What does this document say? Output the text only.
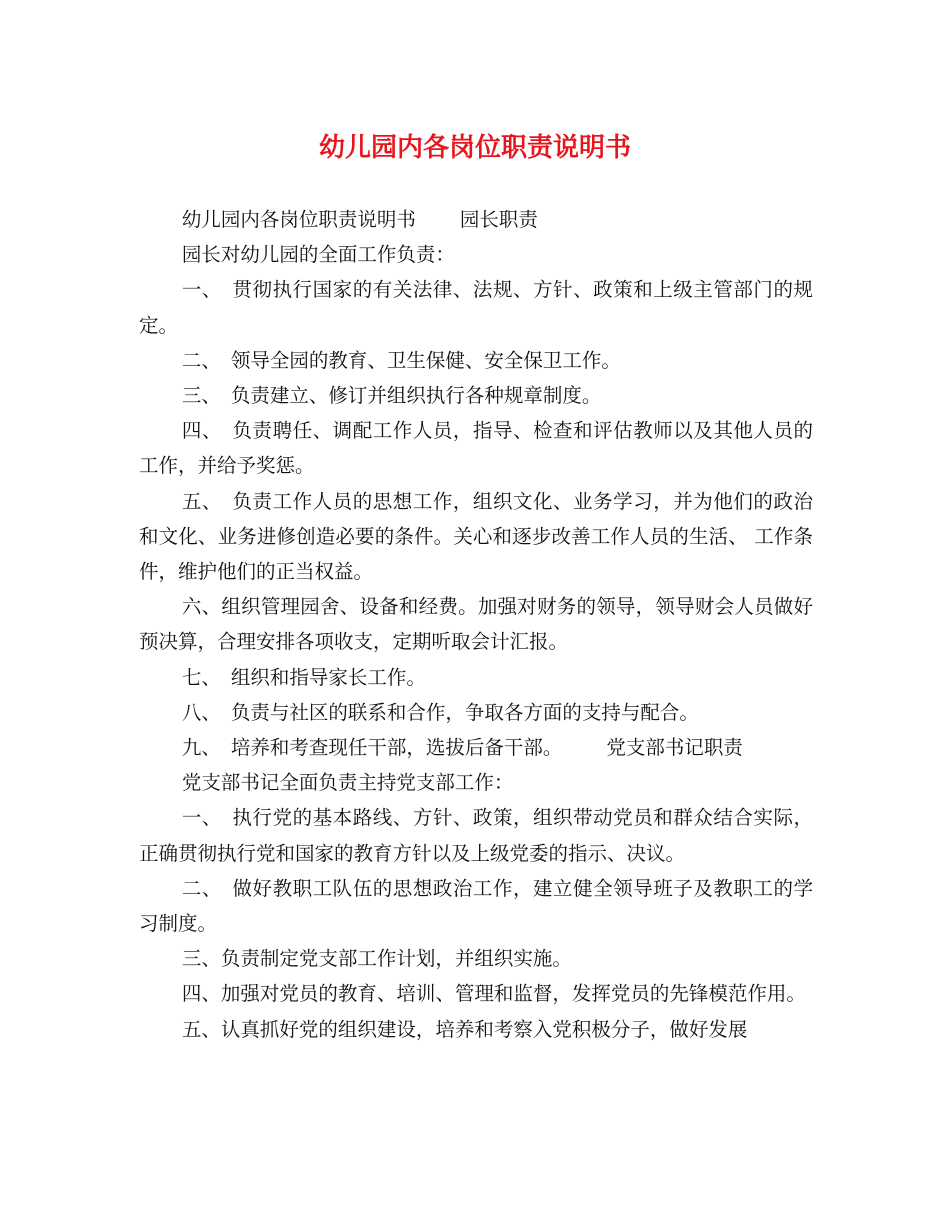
幼儿园内各岗位职责说明书

幼儿园内各岗位职责说明书 园长职责

园长对幼儿园的全面工作负责：

一、 贯彻执行国家的有关法律、法规、方针、政策和上级主管部门的规定。

二、 领导全园的教育、卫生保健、安全保卫工作。

三、 负责建立、修订并组织执行各种规章制度。

四、 负责聘任、调配工作人员，指导、检查和评估教师以及其他人员的工作，并给予奖惩。

五、 负责工作人员的思想工作，组织文化、业务学习，并为他们的政治和文化、业务进修创造必要的条件。关心和逐步改善工作人员的生活、 工作条件，维护他们的正当权益。

六、组织管理园舍、设备和经费。加强对财务的领导，领导财会人员做好预决算，合理安排各项收支，定期听取会计汇报。

七、 组织和指导家长工作。

八、 负责与社区的联系和合作，争取各方面的支持与配合。

九、 培养和考查现任干部，选拔后备干部。 党支部书记职责

党支部书记全面负责主持党支部工作：

一、 执行党的基本路线、方针、政策，组织带动党员和群众结合实际，正确贯彻执行党和国家的教育方针以及上级党委的指示、决议。

二、 做好教职工队伍的思想政治工作，建立健全领导班子及教职工的学习制度。

三、负责制定党支部工作计划，并组织实施。

四、加强对党员的教育、培训、管理和监督，发挥党员的先锋模范作用。

五、认真抓好党的组织建设，培养和考察入党积极分子，做好发展
